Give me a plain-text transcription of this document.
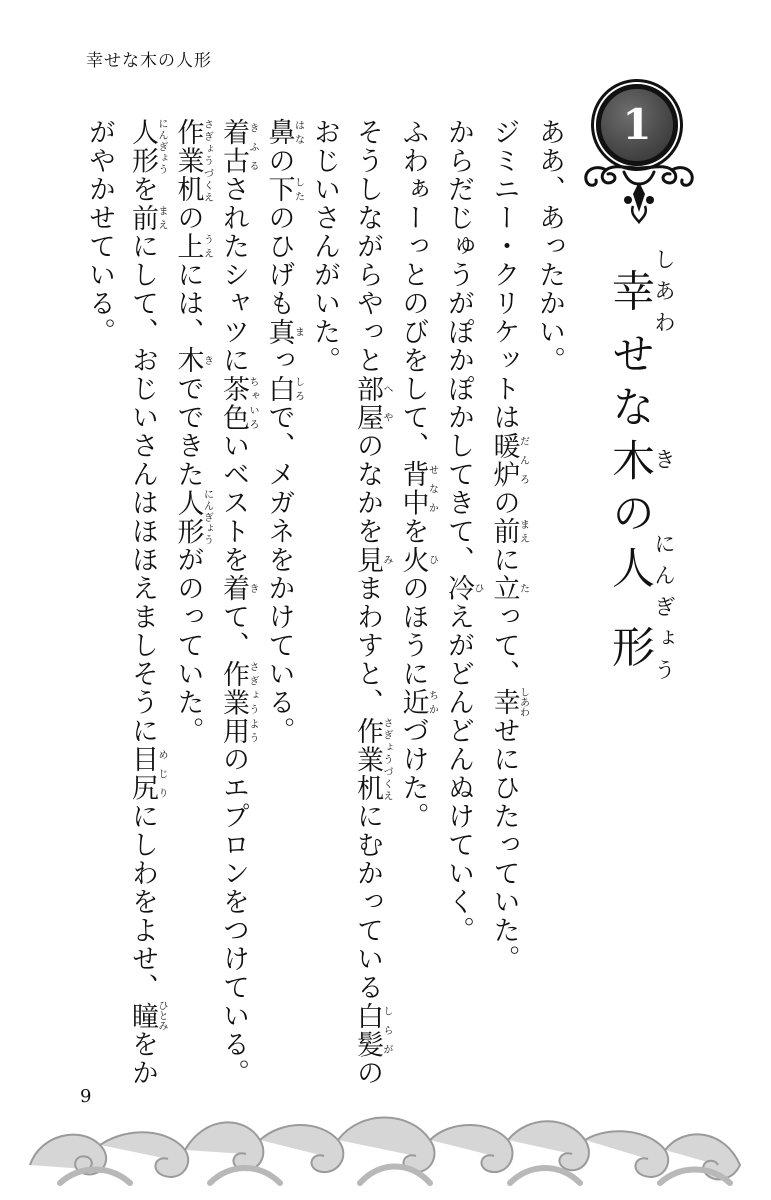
幸せな木の人形
1
幸しあわせな木きの人形にんぎょう

ああ、あったかい。

ジミニー・クリケットは暖炉だんろの前まえに立たって、幸しあわせにひたっていた。

からだじゅうがぽかぽかしてきて、冷ひえがどんどんぬけていく。

ふわぁーっとのびをして、背中せなかを火ひのほうに近ちかづけた。

そうしながらやっと部屋へやのなかを見みまわすと、作業机さぎょうづくえにむかっている白髪しらがのおじいさんがいた。

鼻はなの下したのひげも真まっ白しろで、メガネをかけている。

着古きふるされたシャツに茶色ちゃいろいベストを着きて、作業用さぎょうようのエプロンをつけている。

作業机さぎょうづくえの上うえには、木きでできた人形にんぎょうがのっていた。

人形にんぎょうを前まえにして、おじいさんはほほえましそうに目尻めじりにしわをよせ、瞳ひとみをかがやかせている。

9
